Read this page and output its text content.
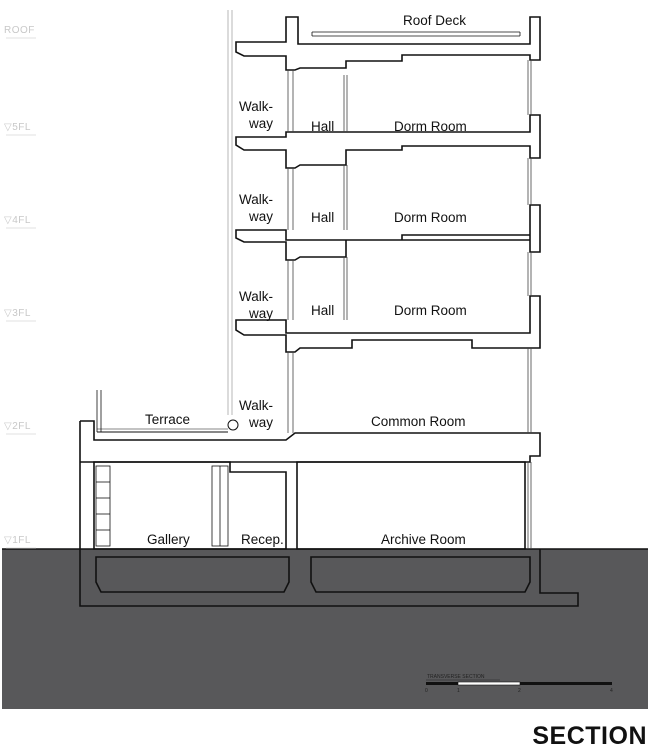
ROOF
▽5FL
▽4FL
▽3FL
▽2FL
▽1FL
Roof Deck
Walk-
way	Hall	Dorm Room
Walk-
way	Hall	Dorm Room
Walk-
way	Hall	Dorm Room
Terrace
Walk-
way	Common Room
Gallery	Recep.	Archive Room
TRANSVERSE SECTION
0	1	2	4
SECTION
